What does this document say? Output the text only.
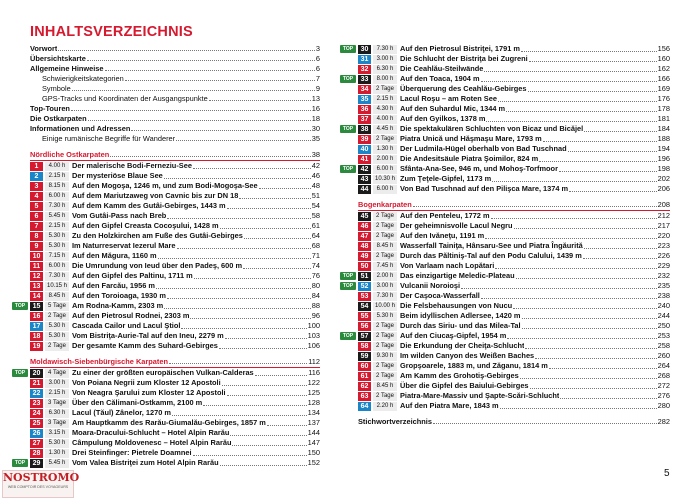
INHALTSVERZEICHNIS
Vorwort	3
Übersichtskarte	6
Allgemeine Hinweise	6
Schwierigkeitskategorien	7
Symbole	9
GPS-Tracks und Koordinaten der Ausgangspunkte	13
Top-Touren	16
Die Ostkarpaten	18
Informationen und Adressen	30
Einige rumänische Begriffe für Wanderer	35
Nördliche Ostkarpaten	38
1	4.00 h Der malerische Bodi-Ferneziu-See	42
2	2.15 h Der mysteriöse Blaue See	46
3	8.15 h Auf den Mogoşa, 1246 m, und zum Bodi-Mogoşa-See	48
4	6.00 h Auf dem Mariutzaweg von Cavnic bis zur DN 18	51
5	7.30 h Auf dem Kamm des Gutâi-Gebirges, 1443 m	54
6	5.45 h Vom Gutâi-Pass nach Breb	58
7	2.15 h Auf den Gipfel Creasta Cocoşului, 1428 m	61
8	5.30 h Zu den Holzkirchen am Fuße des Gutâi-Gebirges	64
9	5.30 h Im Naturreservat Iezerul Mare	68
10	7.15 h Auf den Măgura, 1160 m	71
11	6.00 h Die Umrundung von Ieud über den Padeş, 600 m	74
12	7.30 h Auf den Gipfel des Paltinu, 1711 m	76
13	10.15 h Auf den Farcău, 1956 m	80
14	8.45 h Auf den Toroioaga, 1930 m	84
TOP	15	5 Tage Am Rodna-Kamm, 2303 m	88
16	2 Tage Auf den Pietrosul Rodnei, 2303 m	96
17	5.30 h Cascada Cailor und Lacul Ştiol	100
18	5.30 h Vom Bistriţa-Aurie-Tal auf den Ineu, 2279 m	103
19	2 Tage Der gesamte Kamm des Suhard-Gebirges	106
Moldawisch-Siebenbürgische Karpaten	112
TOP	20	4 Tage Zu einer der größten europäischen Vulkan-Calderas	116
21	3.00 h Von Poiana Negrii zum Kloster 12 Apostoli	122
22	2.15 h Von Neagra Şarului zum Kloster 12 Apostoli	125
23	3 Tage Über den Călimani-Ostkamm, 2100 m	128
24	6.30 h Lacul (Tăul) Zânelor, 1270 m	134
25	3 Tage Am Hauptkamm des Rarău-Giumalău-Gebirges, 1857 m	137
26	3.15 h Moara-Dracului-Schlucht – Hotel Alpin Rarău	144
27	5.30 h Câmpulung Moldovenesc – Hotel Alpin Rarău	147
28	1.30 h Drei Steinfinger: Pietrele Doamnei	150
TOP	29	5.45 h Vom Valea Bistriţei zum Hotel Alpin Rarău	152
TOP	30	7.30 h Auf den Pietrosul Bistriţei, 1791 m	156
31	3.00 h Die Schlucht der Bistriţa bei Zugreni	160
32	6.30 h Die Ceahlău-Steilwände	162
TOP	33	8.00 h Auf den Toaca, 1904 m	166
34	2 Tage Überquerung des Ceahlău-Gebirges	169
35	2.15 h Lacul Roşu – am Roten See	176
36	4.30 h Auf den Suhardul Mic, 1344 m	178
37	4.00 h Auf den Gyilkos, 1378 m	181
TOP	38	4.45 h Die spektakulären Schluchten von Bicaz und Bicăjel	184
39	2 Tage Piatra Unică und Hăşmaşu Mare, 1793 m	188
40	1.30 h Der Ludmila-Hügel oberhalb von Bad Tuschnad	194
41	2.00 h Die Andesitsäule Piatra Şoimilor, 824 m	196
TOP	42	6.00 h Sfânta-Ana-See, 946 m, und Mohoş-Torfmoor	198
43	10.30 h Zum Ţeţele-Gipfel, 1173 m	202
44	6.00 h Von Bad Tuschnad auf den Pilişca Mare, 1374 m	206
Bogenkarpaten	208
45	2 Tage Auf den Penteleu, 1772 m	212
46	2 Tage Der geheimnisvolle Lacul Negru	217
47	2 Tage Auf den Ivăneţu, 1191 m	220
48	8.45 h Wasserfall Tainiţa, Hânsaru-See und Piatra Îngăurită	223
49	2 Tage Durch das Păltiniş-Tal auf den Podu Calului, 1439 m	226
50	7.45 h Von Varlaam nach Lopătari	229
TOP	51	2.00 h Das einzigartige Meledic-Plateau	232
TOP	52	3.00 h Vulcanii Noroioşi	235
53	7.30 h Der Caşoca-Wasserfall	238
54	10.00 h Die Felsbehausungen von Nucu	240
55	5.30 h Beim idyllischen Adlersee, 1420 m	244
56	2 Tage Durch das Siriu- und das Milea-Tal	250
TOP	57	2 Tage Auf den Ciucaş-Gipfel, 1954 m	253
58	2 Tage Die Erkundung der Cheiţa-Schlucht	258
59	9.30 h Im wilden Canyon des Weißen Baches	260
60	2 Tage Gropşoarele, 1883 m, und Zăganu, 1814 m	264
61	2 Tage Am Kamm des Grohotiş-Gebirges	268
62	8.45 h Über die Gipfel des Baiului-Gebirges	272
63	2 Tage Piatra-Mare-Massiv und Şapte-Scări-Schlucht	276
64	2.20 h Auf den Piatra Mare, 1843 m	280
Stichwortverzeichnis	282
NOSTROMO
WEB COMPTOIR DES VOYAGEURS
5
